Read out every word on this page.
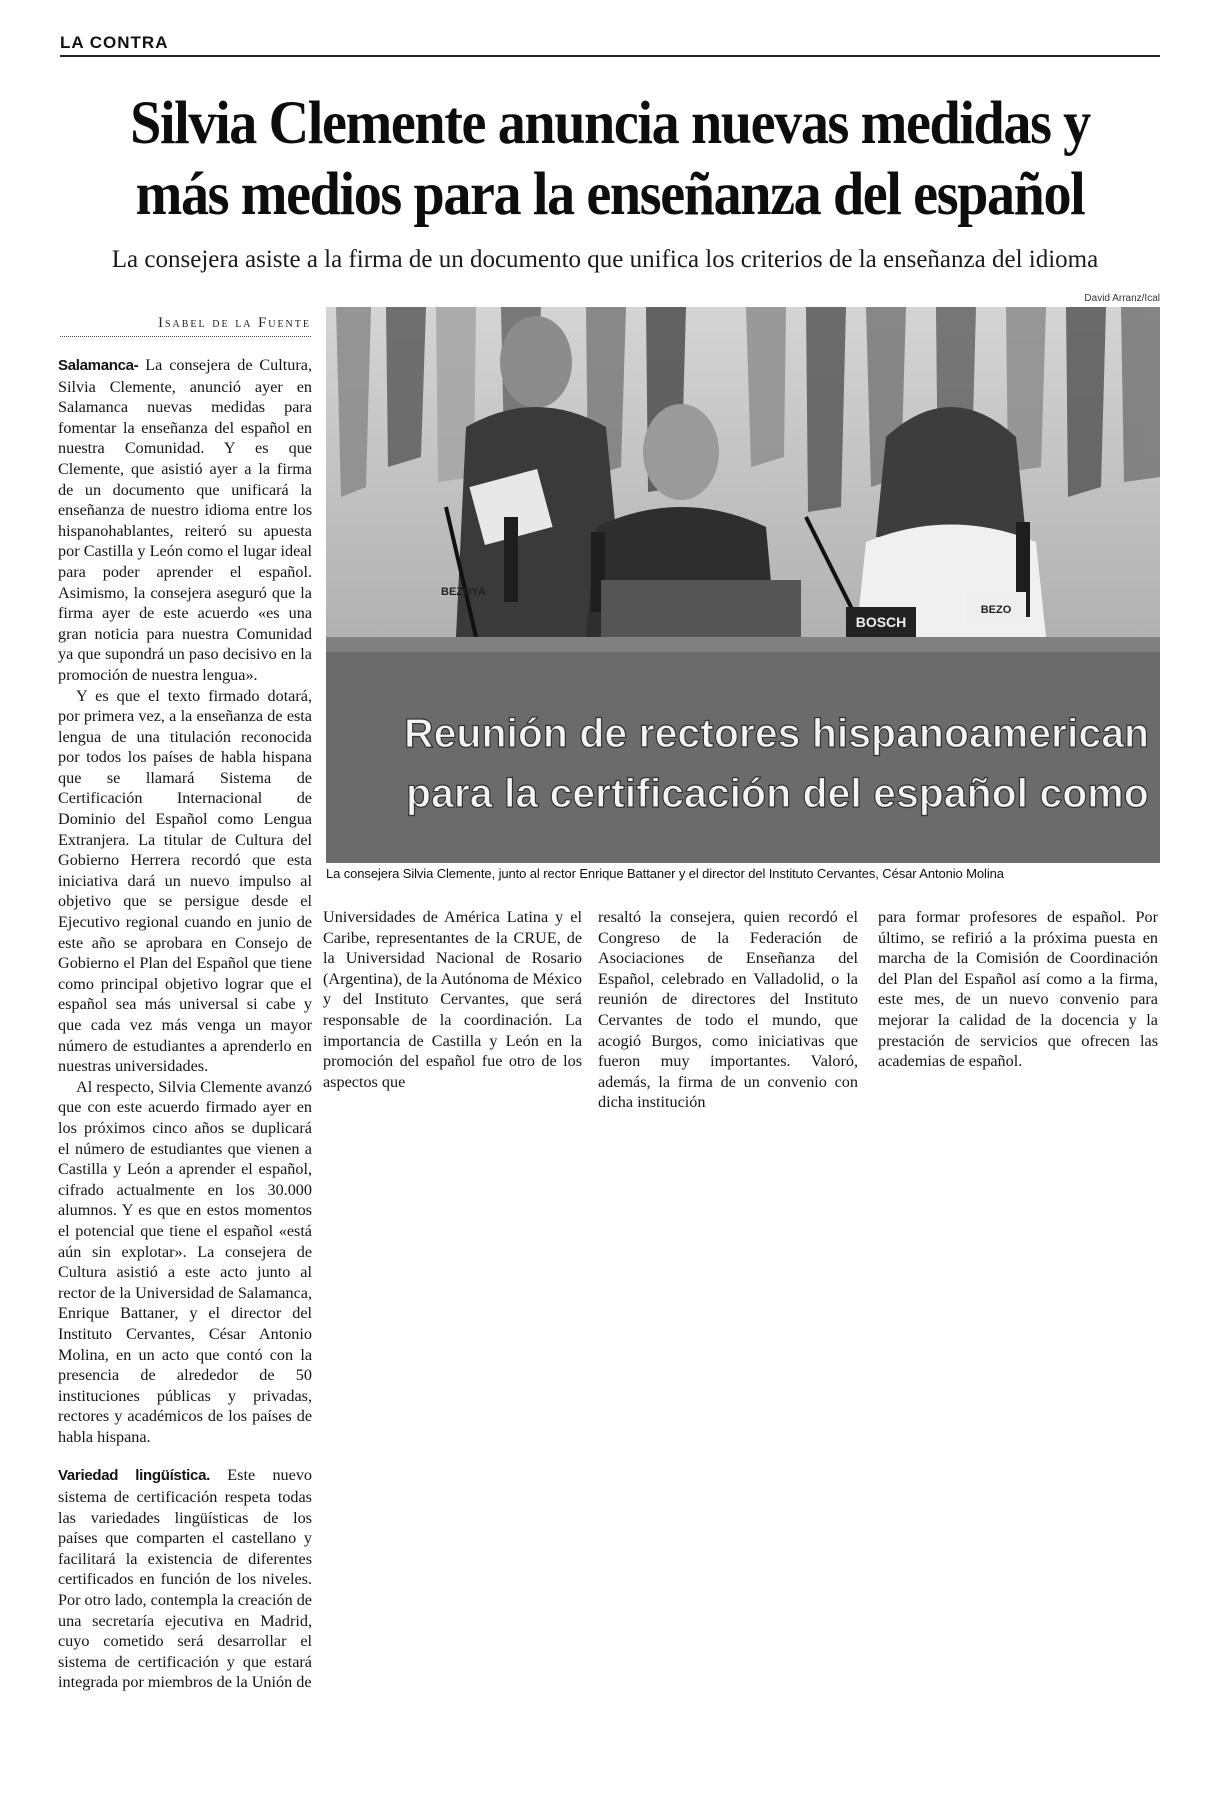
LA CONTRA
Silvia Clemente anuncia nuevas medidas y
más medios para la enseñanza del español
La consejera asiste a la firma de un documento que unifica los criterios de la enseñanza del idioma
Isabel de la Fuente

Salamanca- La consejera de Cultura, Silvia Clemente, anunció ayer en Salamanca nuevas medidas para fomentar la enseñanza del español en nuestra Comunidad. Y es que Clemente, que asistió ayer a la firma de un documento que unificará la enseñanza de nuestro idioma entre los hispanohablantes, reiteró su apuesta por Castilla y León como el lugar ideal para poder aprender el español. Asimismo, la consejera aseguró que la firma ayer de este acuerdo «es una gran noticia para nuestra Comunidad ya que supondrá un paso decisivo en la promoción de nuestra lengua».

Y es que el texto firmado dotará, por primera vez, a la enseñanza de esta lengua de una titulación reconocida por todos los países de habla hispana que se llamará Sistema de Certificación Internacional de Dominio del Español como Lengua Extranjera. La titular de Cultura del Gobierno Herrera recordó que esta iniciativa dará un nuevo impulso al objetivo que se persigue desde el Ejecutivo regional cuando en junio de este año se aprobara en Consejo de Gobierno el Plan del Español que tiene como principal objetivo lograr que el español sea más universal si cabe y que cada vez más venga un mayor número de estudiantes a aprenderlo en nuestras universidades.

Al respecto, Silvia Clemente avanzó que con este acuerdo firmado ayer en los próximos cinco años se duplicará el número de estudiantes que vienen a Castilla y León a aprender el español, cifrado actualmente en los 30.000 alumnos. Y es que en estos momentos el potencial que tiene el español «está aún sin explotar». La consejera de Cultura asistió a este acto junto al rector de la Universidad de Salamanca, Enrique Battaner, y el director del Instituto Cervantes, César Antonio Molina, en un acto que contó con la presencia de alrededor de 50 instituciones públicas y privadas, rectores y académicos de los países de habla hispana.

Variedad lingüística. Este nuevo sistema de certificación respeta todas las variedades lingüísticas de los países que comparten el castellano y facilitará la existencia de diferentes certificados en función de los niveles. Por otro lado, contempla la creación de una secretaría ejecutiva en Madrid, cuyo cometido será desarrollar el sistema de certificación y que estará integrada por miembros de la Unión de

David Arranz/Ical
BOSCH
BEZOYA
BEZO
Reunión de rectores hispanoamerican
para la certificación del español como
La consejera Silvia Clemente, junto al rector Enrique Battaner y el director del Instituto Cervantes, César Antonio Molina

Universidades de América Latina y el Caribe, representantes de la CRUE, de la Universidad Nacional de Rosario (Argentina), de la Autónoma de México y del Instituto Cervantes, que será responsable de la coordinación. La importancia de Castilla y León en la promoción del español fue otro de los aspectos que

resaltó la consejera, quien recordó el Congreso de la Federación de Asociaciones de Enseñanza del Español, celebrado en Valladolid, o la reunión de directores del Instituto Cervantes de todo el mundo, que acogió Burgos, como iniciativas que fueron muy importantes. Valoró, además, la firma de un convenio con dicha institución

para formar profesores de español. Por último, se refirió a la próxima puesta en marcha de la Comisión de Coordinación del Plan del Español así como a la firma, este mes, de un nuevo convenio para mejorar la calidad de la docencia y la prestación de servicios que ofrecen las academias de español.
